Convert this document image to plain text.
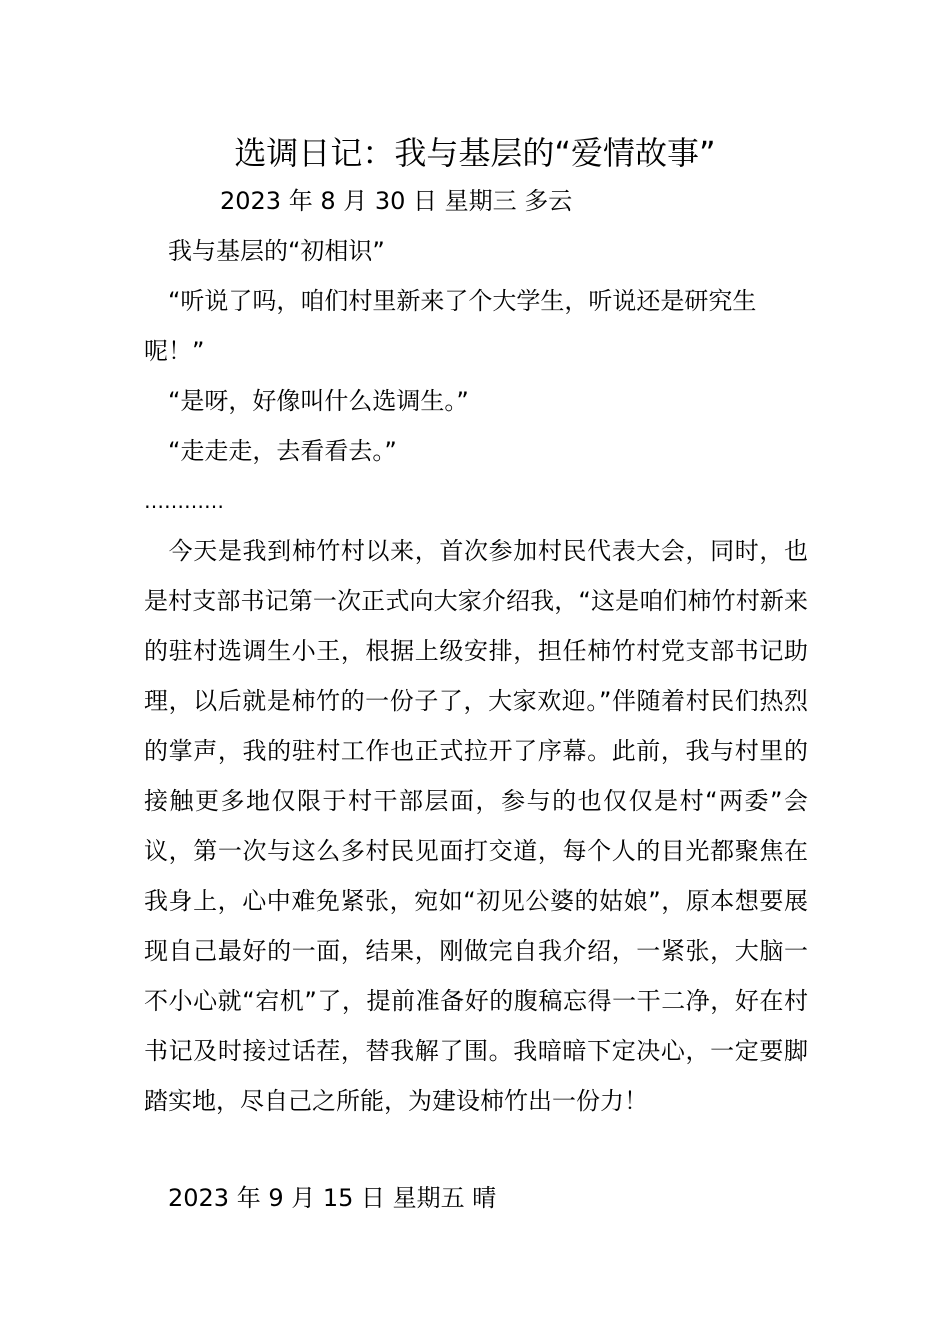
选调日记：我与基层的“爱情故事”
2023 年 8 月 30 日 星期三 多云
我与基层的“初相识”
“听说了吗，咱们村里新来了个大学生，听说还是研究生
呢！”
“是呀，好像叫什么选调生。”
“走走走，去看看去。”
…………
今天是我到柿竹村以来，首次参加村民代表大会，同时，也是村支部书记第一次正式向大家介绍我，“这是咱们柿竹村新来的驻村选调生小王，根据上级安排，担任柿竹村党支部书记助理，以后就是柿竹的一份子了，大家欢迎。”伴随着村民们热烈的掌声，我的驻村工作也正式拉开了序幕。此前，我与村里的接触更多地仅限于村干部层面，参与的也仅仅是村“两委”会议，第一次与这么多村民见面打交道，每个人的目光都聚焦在我身上，心中难免紧张，宛如“初见公婆的姑娘”，原本想要展现自己最好的一面，结果，刚做完自我介绍，一紧张，大脑一不小心就“宕机”了，提前准备好的腹稿忘得一干二净，好在村书记及时接过话茬，替我解了围。我暗暗下定决心，一定要脚踏实地，尽自己之所能，为建设柿竹出一份力！
2023 年 9 月 15 日 星期五 晴
